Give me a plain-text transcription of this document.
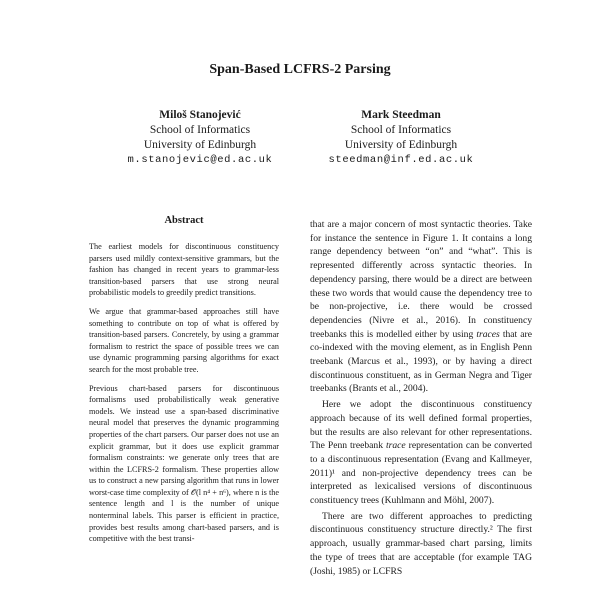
Span-Based LCFRS-2 Parsing
Miloš Stanojević
School of Informatics
University of Edinburgh
m.stanojevic@ed.ac.uk
Mark Steedman
School of Informatics
University of Edinburgh
steedman@inf.ed.ac.uk
Abstract

The earliest models for discontinuous constituency parsers used mildly context-sensitive grammars, but the fashion has changed in recent years to grammar-less transition-based parsers that use strong neural probabilistic models to greedily predict transitions.

We argue that grammar-based approaches still have something to contribute on top of what is offered by transition-based parsers. Concretely, by using a grammar formalism to restrict the space of possible trees we can use dynamic programming parsing algorithms for exact search for the most probable tree.

Previous chart-based parsers for discontinuous formalisms used probabilistically weak generative models. We instead use a span-based discriminative neural model that preserves the dynamic programming properties of the chart parsers. Our parser does not use an explicit grammar, but it does use explicit grammar formalism constraints: we generate only trees that are within the LCFRS-2 formalism. These properties allow us to construct a new parsing algorithm that runs in lower worst-case time complexity of 𝒪(l n⁴ + n⁶), where n is the sentence length and l is the number of unique nonterminal labels. This parser is efficient in practice, provides best results among chart-based parsers, and is competitive with the best transi-

that are a major concern of most syntactic theories. Take for instance the sentence in Figure 1. It contains a long range dependency between “on” and “what”. This is represented differently across syntactic theories. In dependency parsing, there would be a direct are between these two words that would cause the dependency tree to be non-projective, i.e. there would be crossed dependencies (Nivre et al., 2016). In constituency treebanks this is modelled either by using traces that are co-indexed with the moving element, as in English Penn treebank (Marcus et al., 1993), or by having a direct discontinuous constituent, as in German Negra and Tiger treebanks (Brants et al., 2004).

Here we adopt the discontinuous constituency approach because of its well defined formal properties, but the results are also relevant for other representations. The Penn treebank trace representation can be converted to a discontinuous representation (Evang and Kallmeyer, 2011)¹ and non-projective dependency trees can be interpreted as lexicalised versions of discontinuous constituency trees (Kuhlmann and Möhl, 2007).

There are two different approaches to predicting discontinuous constituency structure directly.² The first approach, usually grammar-based chart parsing, limits the type of trees that are acceptable (for example TAG (Joshi, 1985) or LCFRS
